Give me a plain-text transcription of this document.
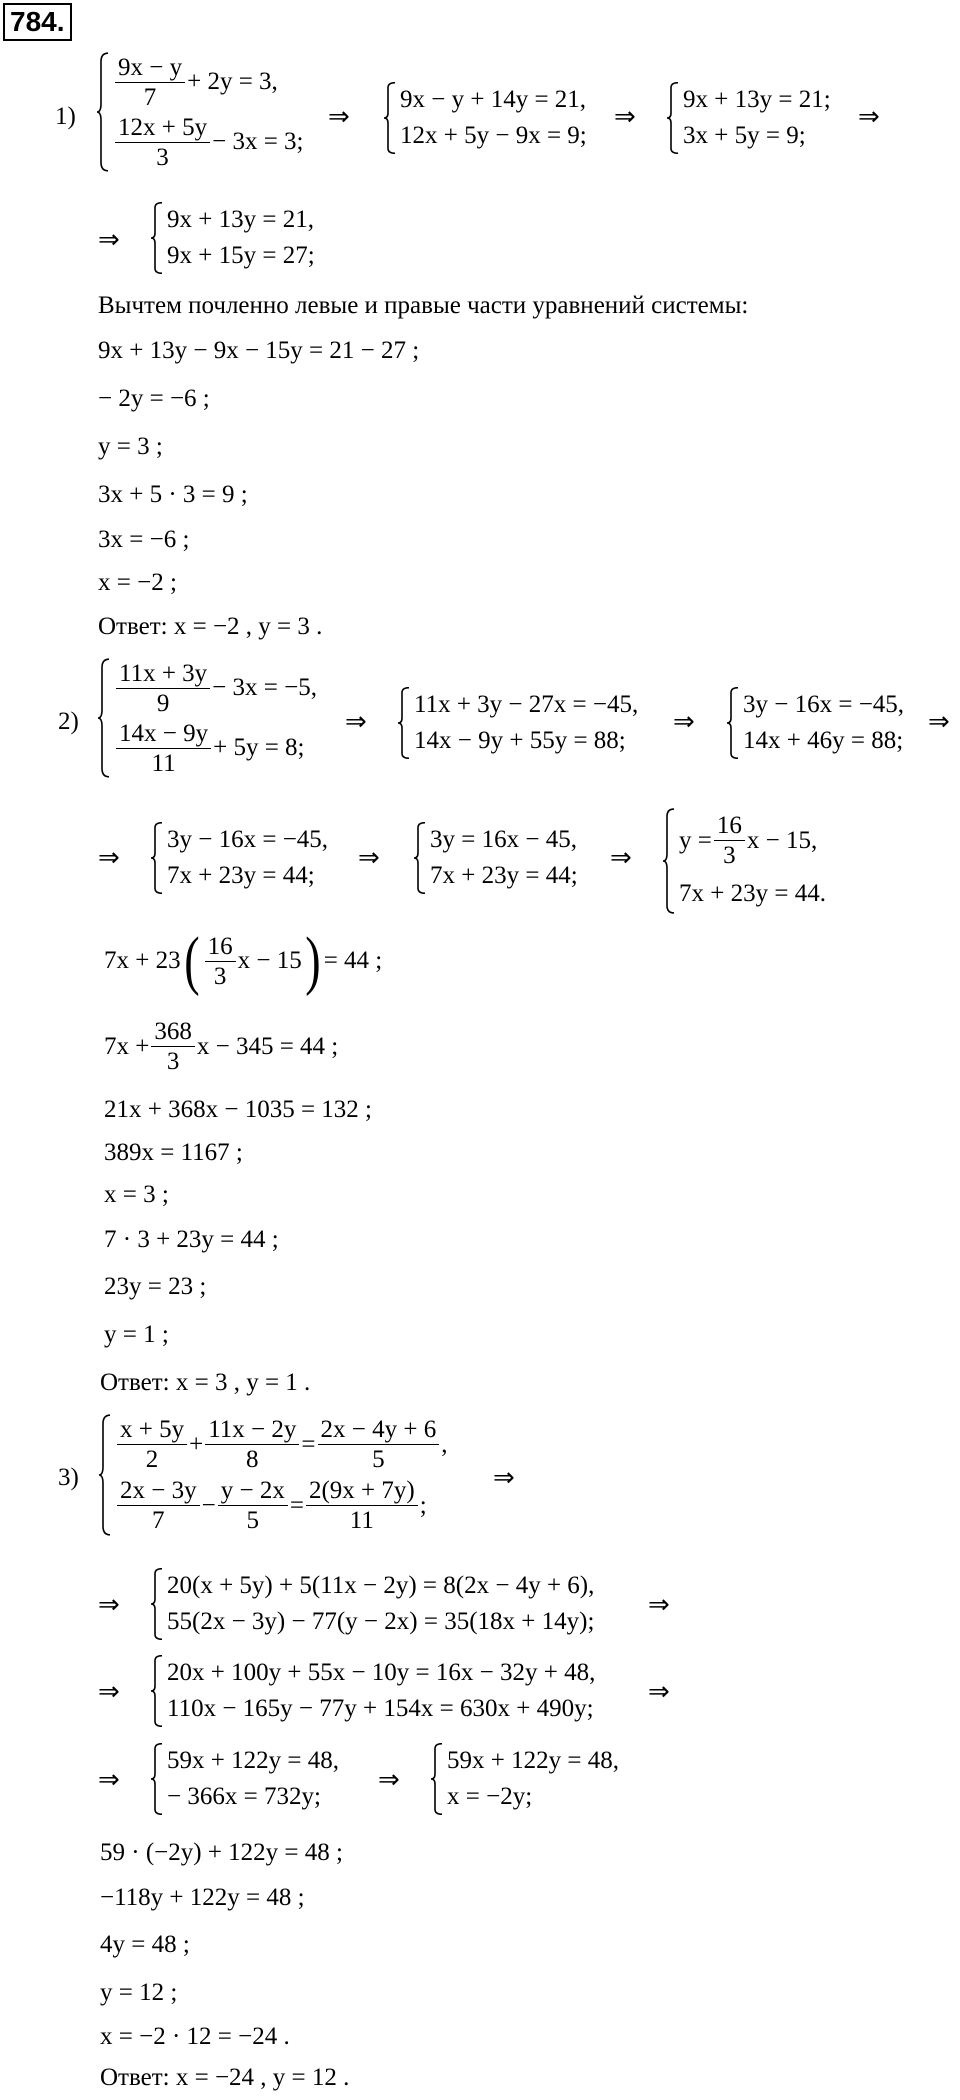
784.
1)
9x − y
7
+ 2y = 3,
12x + 5y
3
− 3x = 3;
⇒
9x − y + 14y = 21,
12x + 5y − 9x = 9;
⇒
9x + 13y = 21;
3x + 5y = 9;
⇒
⇒
9x + 13y = 21,
9x + 15y = 27;
Вычтем почленно левые и правые части уравнений системы:
9x + 13y − 9x − 15y = 21 − 27 ;
− 2y = −6 ;
y = 3 ;
3x + 5 · 3 = 9 ;
3x = −6 ;
x = −2 ;
Ответ: x = −2 , y = 3 .
2)
11x + 3y
9
− 3x = −5,
14x − 9y
11
+ 5y = 8;
⇒
11x + 3y − 27x = −45,
14x − 9y + 55y = 88;
⇒
3y − 16x = −45,
14x + 46y = 88;
⇒
⇒
3y − 16x = −45,
7x + 23y = 44;
⇒
3y = 16x − 45,
7x + 23y = 44;
⇒
$y = \frac{16}{3}$ x − 15,
7x + 23y = 44.
7x + 23 ( 16
3
x − 15 ) = 44 ;
$7x + \frac{368}{3}$ x − 345 = 44 ;
21x + 368x − 1035 = 132 ;
389x = 1167 ;
x = 3 ;
7 · 3 + 23y = 44 ;
23y = 23 ;
y = 1 ;
Ответ: x = 3 , y = 1 .
3)
x + 5y
2
+ $\frac{11x - 2y}{8} = \frac{2x - 4y + 6}{5}$ ,
2x − 3y
7
− $\frac{y - 2x}{5} = \frac{2(9x + 7y)}{11}$ ;
⇒
⇒
20(x + 5y) + 5(11x − 2y) = 8(2x − 4y + 6),
55(2x − 3y) − 77(y − 2x) = 35(18x + 14y);
⇒
⇒
20x + 100y + 55x − 10y = 16x − 32y + 48,
110x − 165y − 77y + 154x = 630x + 490y;
⇒
⇒
59x + 122y = 48,
− 366x = 732y;
⇒
59x + 122y = 48,
x = −2y;
59 · (−2y) + 122y = 48 ;
−118y + 122y = 48 ;
4y = 48 ;
y = 12 ;
x = −2 · 12 = −24 .
Ответ: x = −24 , y = 12 .
